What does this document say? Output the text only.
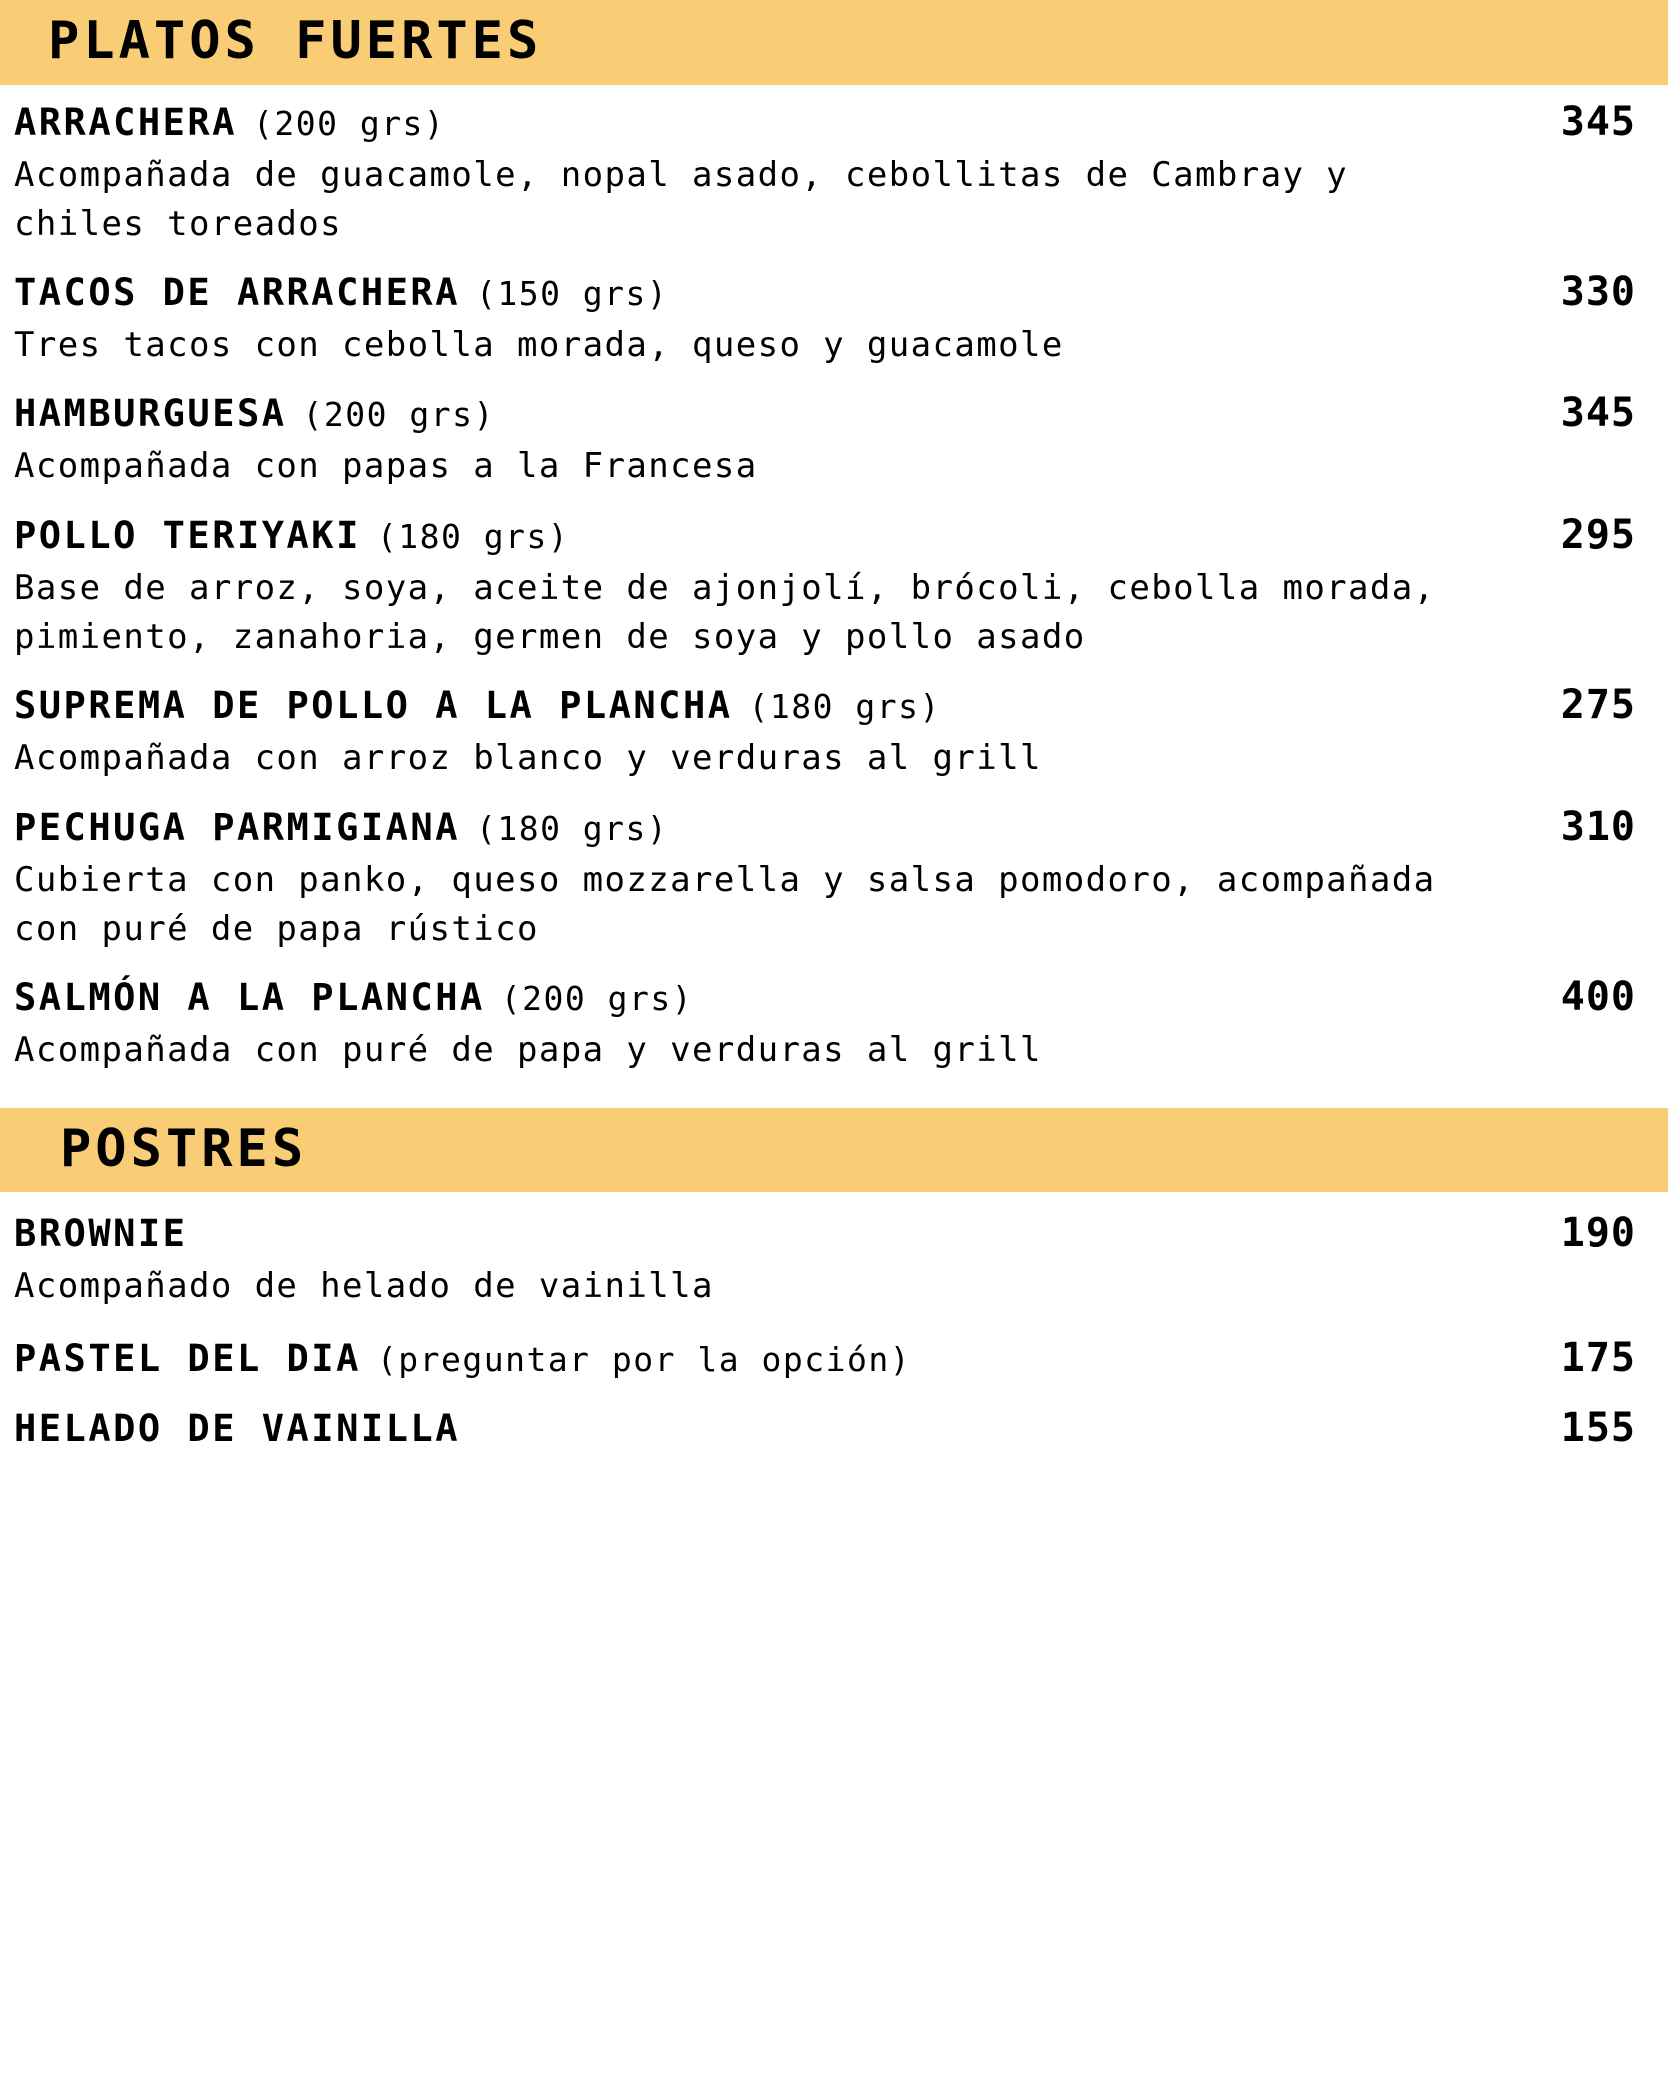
PLATOS FUERTES
ARRACHERA (200 grs)	345
Acompañada de guacamole, nopal asado, cebollitas de Cambray y chiles toreados
TACOS DE ARRACHERA (150 grs)	330
Tres tacos con cebolla morada, queso y guacamole
HAMBURGUESA (200 grs)	345
Acompañada con papas a la Francesa
POLLO TERIYAKI (180 grs)	295
Base de arroz, soya, aceite de ajonjolí, brócoli, cebolla morada, pimiento, zanahoria, germen de soya y pollo asado
SUPREMA DE POLLO A LA PLANCHA (180 grs)	275
Acompañada con arroz blanco y verduras al grill
PECHUGA PARMIGIANA (180 grs)	310
Cubierta con panko, queso mozzarella y salsa pomodoro, acompañada con puré de papa rústico
SALMÓN A LA PLANCHA (200 grs)	400
Acompañada con puré de papa y verduras al grill
POSTRES
BROWNIE	190
Acompañado de helado de vainilla
PASTEL DEL DIA (preguntar por la opción)	175
HELADO DE VAINILLA	155
